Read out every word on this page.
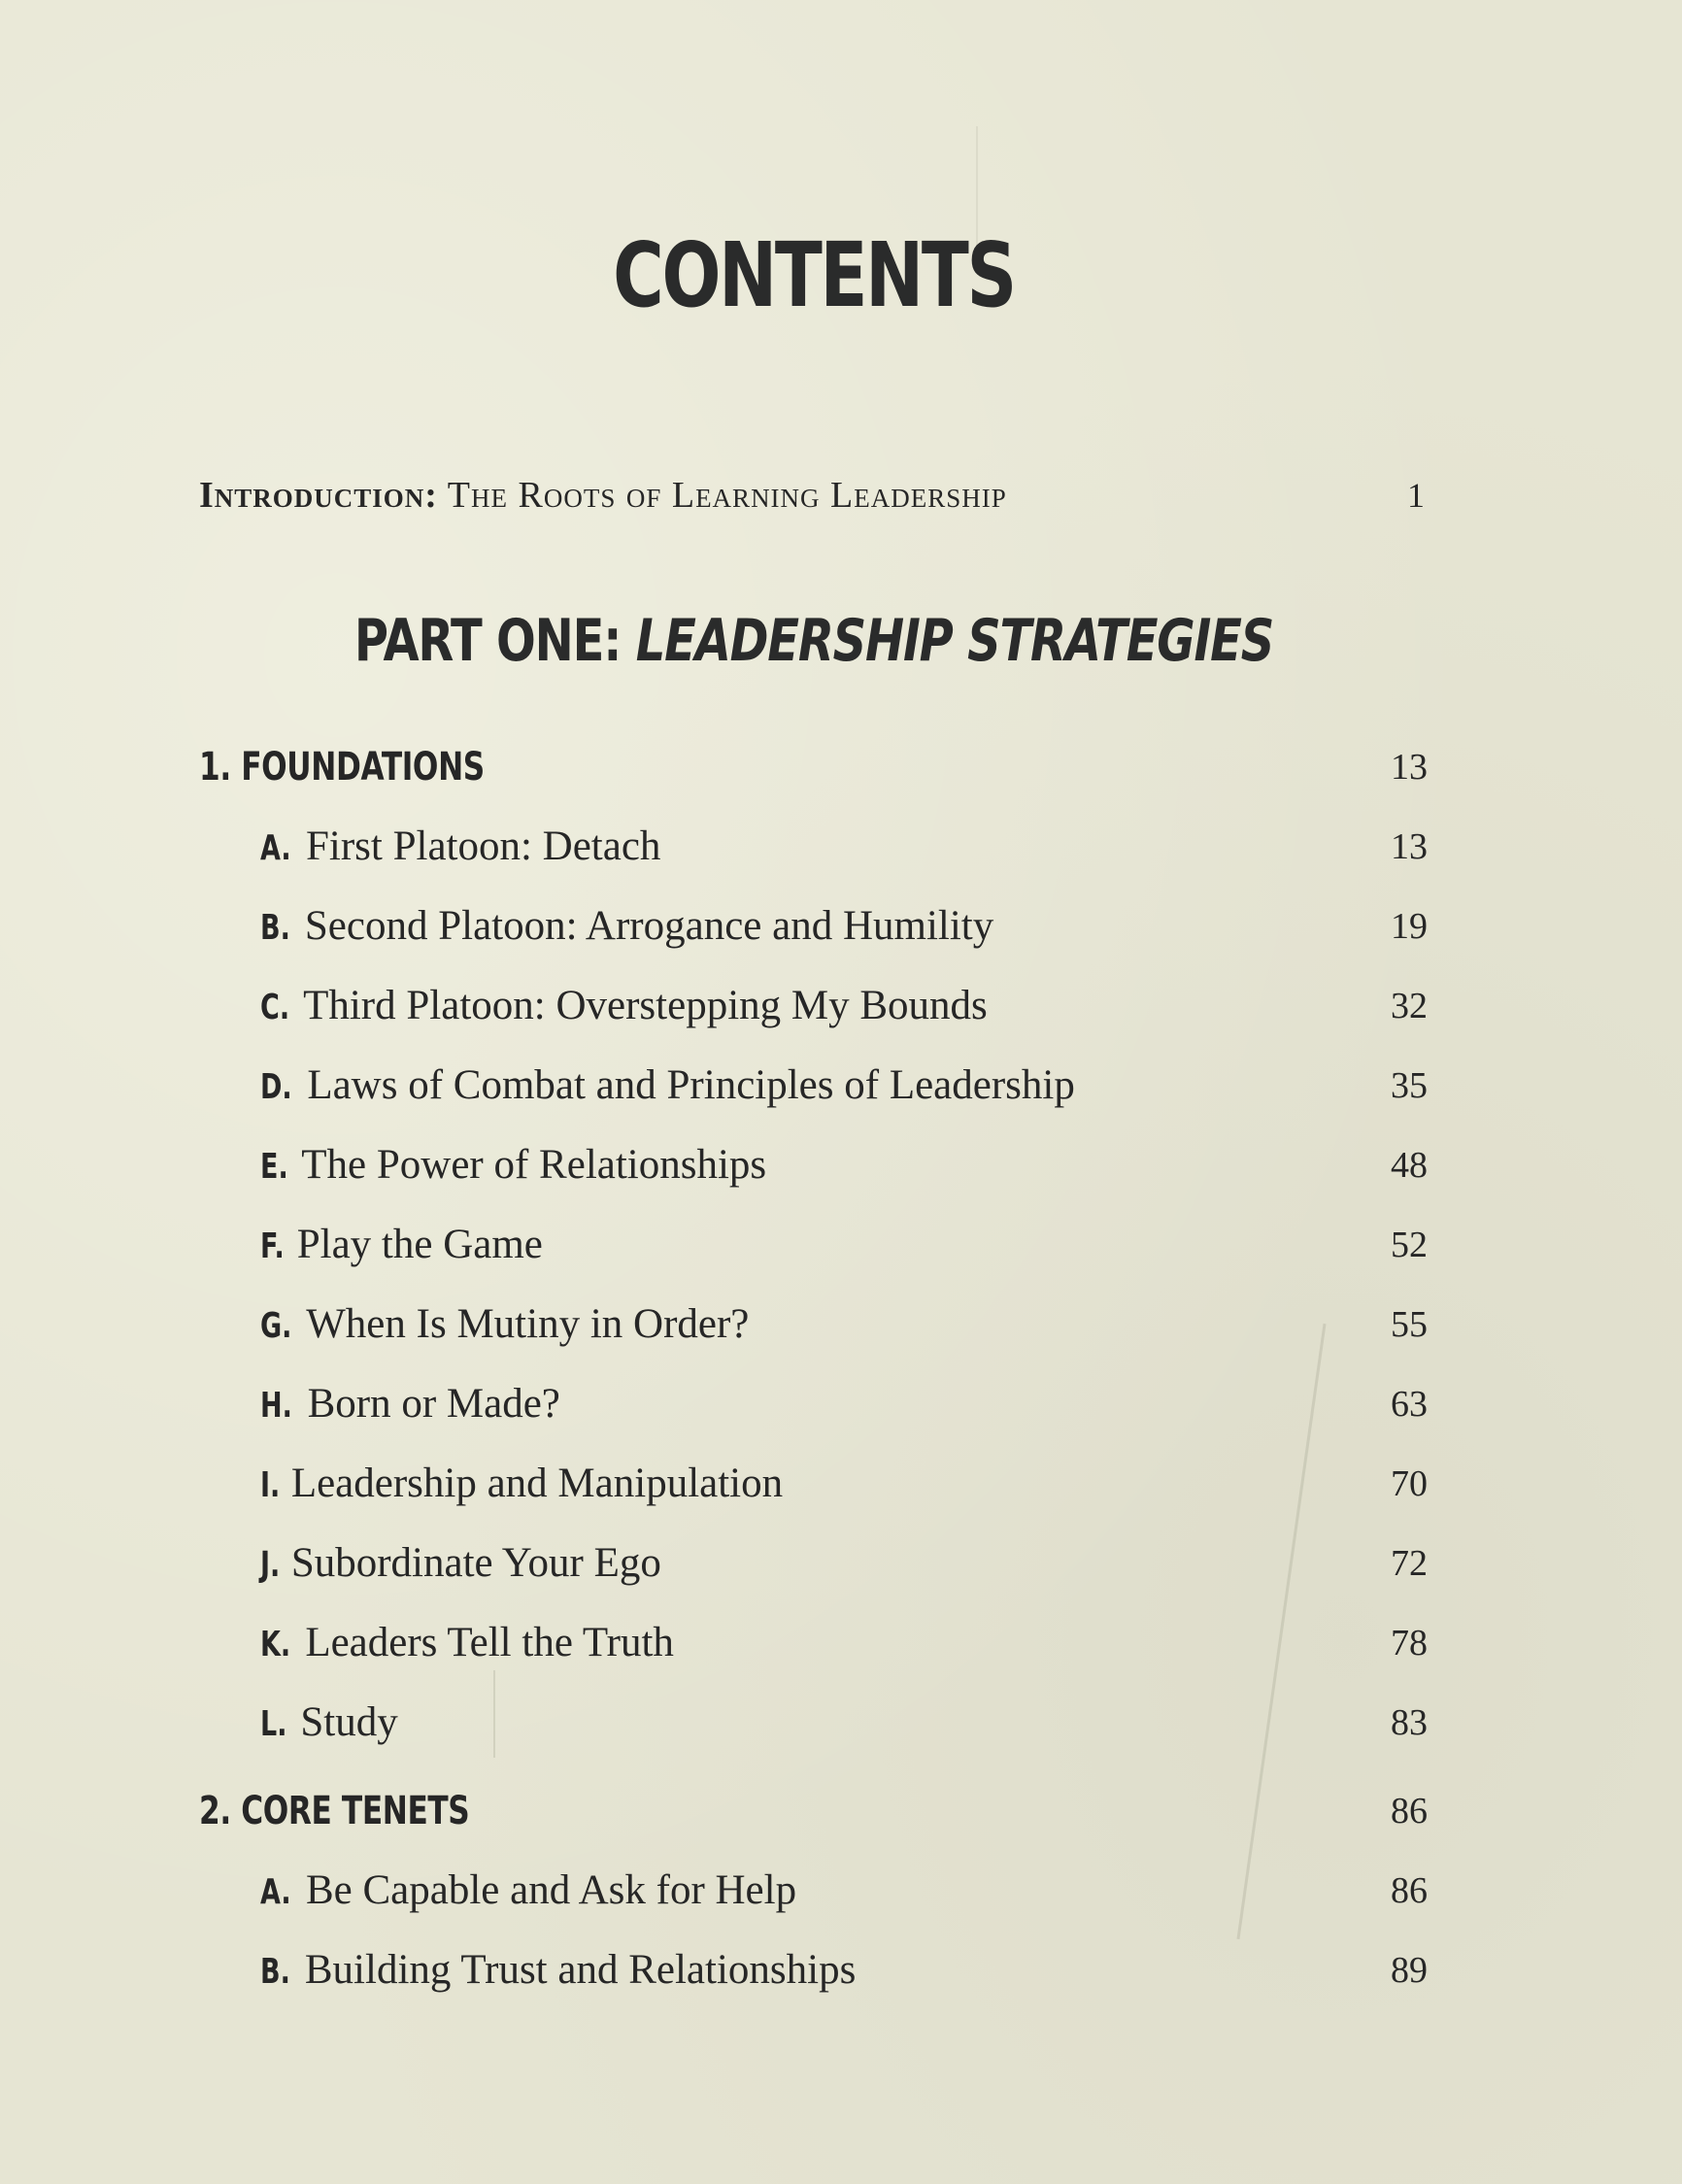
CONTENTS
Introduction: The Roots of Learning Leadership	1
PART ONE: LEADERSHIP STRATEGIES
1. FOUNDATIONS	13
A. First Platoon: Detach	13
B. Second Platoon: Arrogance and Humility	19
C. Third Platoon: Overstepping My Bounds	32
D. Laws of Combat and Principles of Leadership	35
E. The Power of Relationships	48
F. Play the Game	52
G. When Is Mutiny in Order?	55
H. Born or Made?	63
I. Leadership and Manipulation	70
J. Subordinate Your Ego	72
K. Leaders Tell the Truth	78
L. Study	83
2. CORE TENETS	86
A. Be Capable and Ask for Help	86
B. Building Trust and Relationships	89
